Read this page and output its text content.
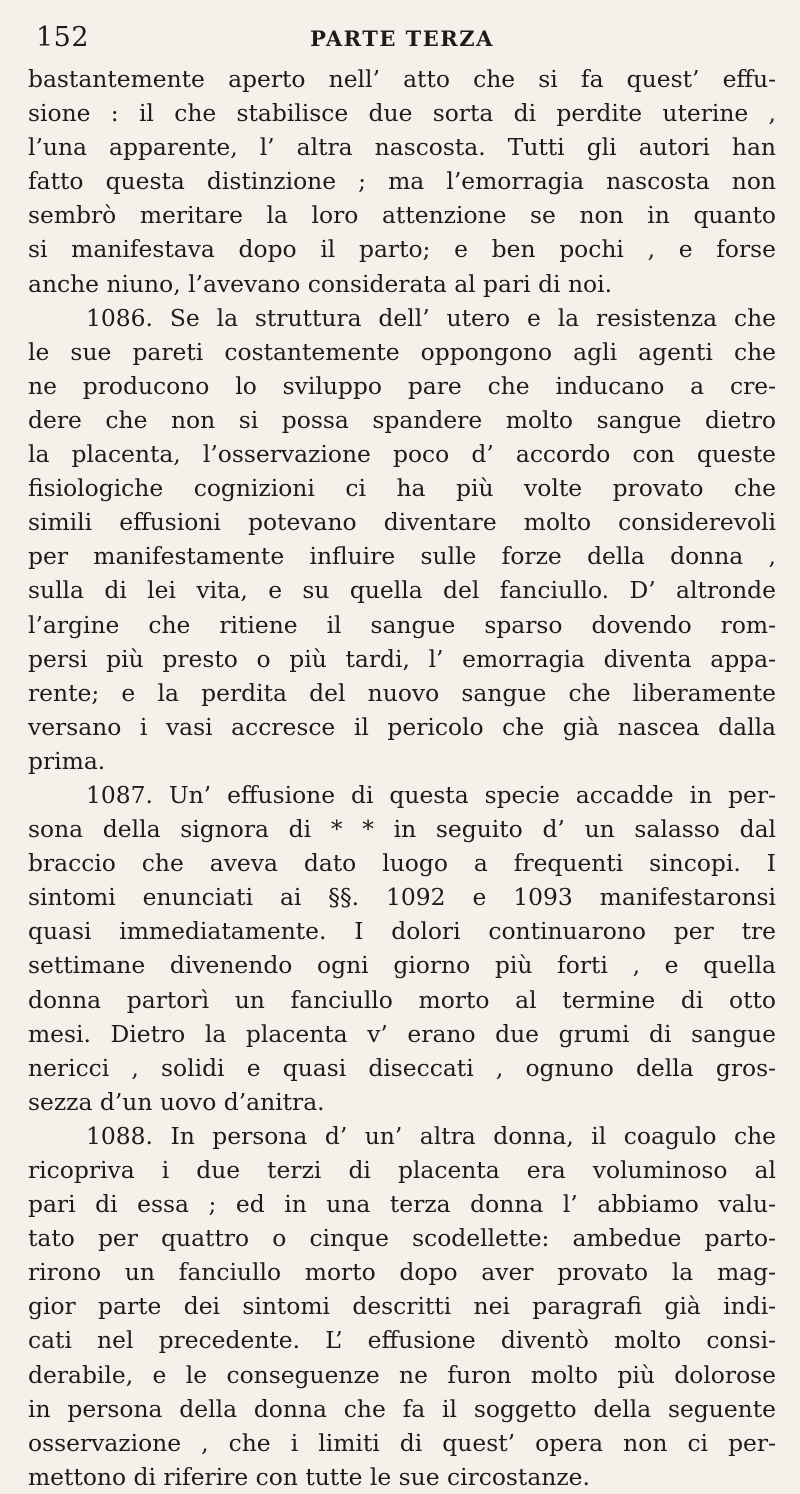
152	PARTE TERZA
bastantemente aperto nell’ atto che si fa quest’ effu-
sione : il che stabilisce due sorta di perdite uterine ,
l’una apparente, l’ altra nascosta. Tutti gli autori han
fatto questa distinzione ; ma l’emorragia nascosta non
sembrò meritare la loro attenzione se non in quanto
si manifestava dopo il parto; e ben pochi , e forse
anche niuno, l’avevano considerata al pari di noi.
1086. Se la struttura dell’ utero e la resistenza che
le sue pareti costantemente oppongono agli agenti che
ne producono lo sviluppo pare che inducano a cre-
dere che non si possa spandere molto sangue dietro
la placenta, l’osservazione poco d’ accordo con queste
fisiologiche cognizioni ci ha più volte provato che
simili effusioni potevano diventare molto considerevoli
per manifestamente influire sulle forze della donna ,
sulla di lei vita, e su quella del fanciullo. D’ altronde
l’argine che ritiene il sangue sparso dovendo rom-
persi più presto o più tardi, l’ emorragia diventa appa-
rente; e la perdita del nuovo sangue che liberamente
versano i vasi accresce il pericolo che già nascea dalla
prima.
1087. Un’ effusione di questa specie accadde in per-
sona della signora di * * in seguito d’ un salasso dal
braccio che aveva dato luogo a frequenti sincopi. I
sintomi enunciati ai §§. 1092 e 1093 manifestaronsi
quasi immediatamente. I dolori continuarono per tre
settimane divenendo ogni giorno più forti , e quella
donna partorì un fanciullo morto al termine di otto
mesi. Dietro la placenta v’ erano due grumi di sangue
nericci , solidi e quasi diseccati , ognuno della gros-
sezza d’un uovo d’anitra.
1088. In persona d’ un’ altra donna, il coagulo che
ricopriva i due terzi di placenta era voluminoso al
pari di essa ; ed in una terza donna l’ abbiamo valu-
tato per quattro o cinque scodellette: ambedue parto-
rirono un fanciullo morto dopo aver provato la mag-
gior parte dei sintomi descritti nei paragrafi già indi-
cati nel precedente. L’ effusione diventò molto consi-
derabile, e le conseguenze ne furon molto più dolorose
in persona della donna che fa il soggetto della seguente
osservazione , che i limiti di quest’ opera non ci per-
mettono di riferire con tutte le sue circostanze.
